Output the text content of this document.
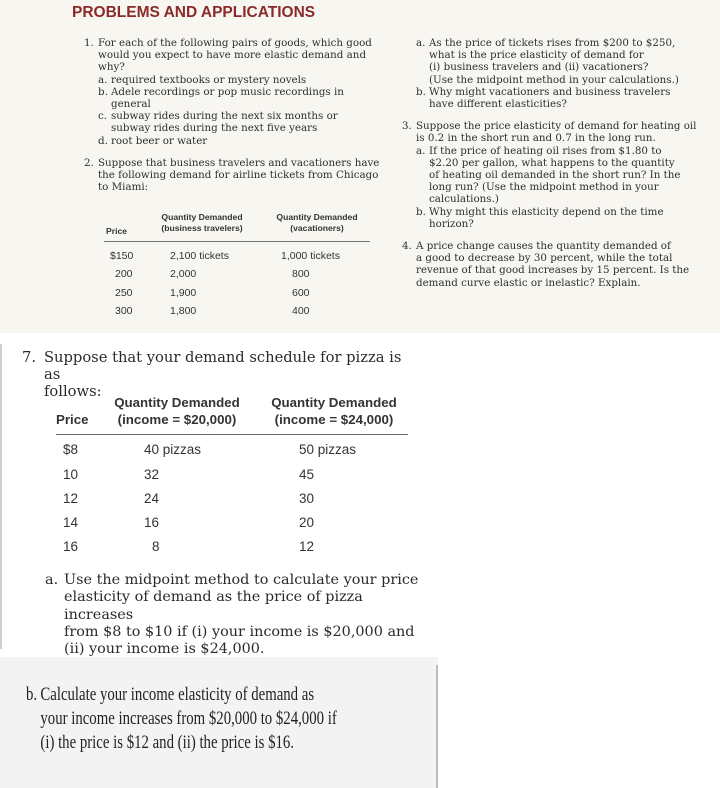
PROBLEMS AND APPLICATIONS
1. For each of the following pairs of goods, which good
would you expect to have more elastic demand and
why?
a. required textbooks or mystery novels
b. Adele recordings or pop music recordings in
general
c. subway rides during the next six months or
subway rides during the next five years
d. root beer or water
2. Suppose that business travelers and vacationers have
the following demand for airline tickets from Chicago
to Miami:
Price
Quantity Demanded
(business travelers)
Quantity Demanded
(vacationers)
$150	2,100 tickets	1,000 tickets
200	2,000	800
250	1,900	600
300	1,800	400
a. As the price of tickets rises from $200 to $250,
what is the price elasticity of demand for
(i) business travelers and (ii) vacationers?
(Use the midpoint method in your calculations.)
b. Why might vacationers and business travelers
have different elasticities?
3. Suppose the price elasticity of demand for heating oil
is 0.2 in the short run and 0.7 in the long run.
a. If the price of heating oil rises from $1.80 to
$2.20 per gallon, what happens to the quantity
of heating oil demanded in the short run? In the
long run? (Use the midpoint method in your
calculations.)
b. Why might this elasticity depend on the time
horizon?
4. A price change causes the quantity demanded of
a good to decrease by 30 percent, while the total
revenue of that good increases by 15 percent. Is the
demand curve elastic or inelastic? Explain.
7. Suppose that your demand schedule for pizza is as
follows:
Price
Quantity Demanded
(income = $20,000)
Quantity Demanded
(income = $24,000)
$8	40 pizzas	50 pizzas
10	32	45
12	24	30
14	16	20
16	8	12
a. Use the midpoint method to calculate your price
elasticity of demand as the price of pizza increases
from $8 to $10 if (i) your income is $20,000 and
(ii) your income is $24,000.
b. Calculate your income elasticity of demand as
your income increases from $20,000 to $24,000 if
(i) the price is $12 and (ii) the price is $16.
